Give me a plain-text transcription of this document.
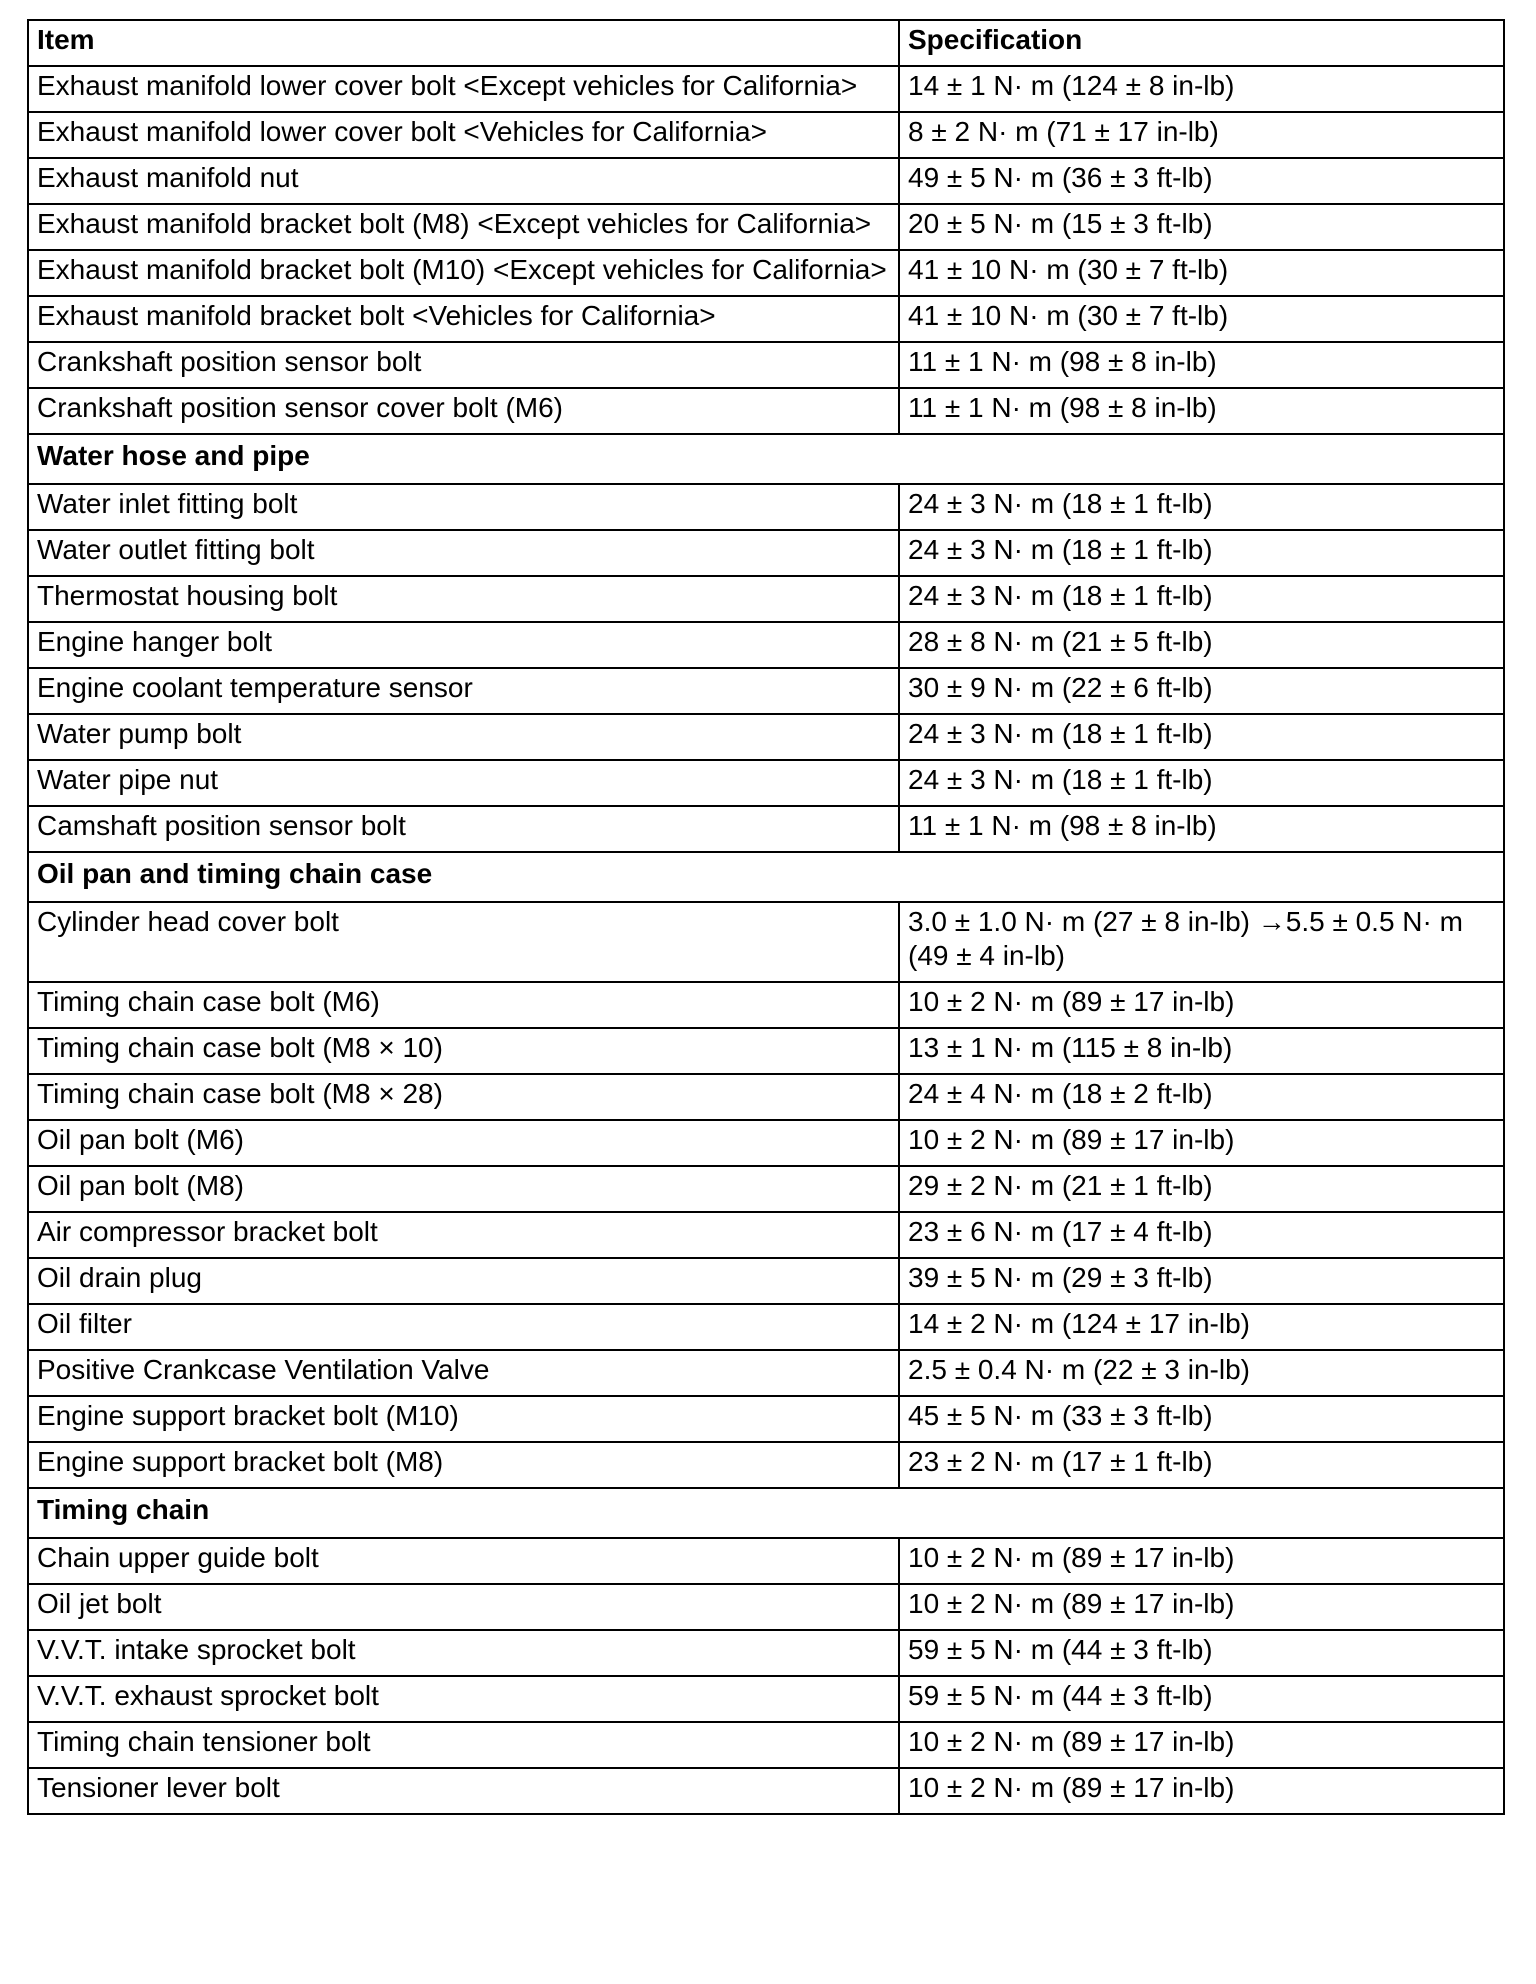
Item	Specification
Exhaust manifold lower cover bolt <Except vehicles for California>	14 ± 1 N· m (124 ± 8 in-lb)
Exhaust manifold lower cover bolt <Vehicles for California>	8 ± 2 N· m (71 ± 17 in-lb)
Exhaust manifold nut	49 ± 5 N· m (36 ± 3 ft-lb)
Exhaust manifold bracket bolt (M8) <Except vehicles for California>	20 ± 5 N· m (15 ± 3 ft-lb)
Exhaust manifold bracket bolt (M10) <Except vehicles for California>	41 ± 10 N· m (30 ± 7 ft-lb)
Exhaust manifold bracket bolt <Vehicles for California>	41 ± 10 N· m (30 ± 7 ft-lb)
Crankshaft position sensor bolt	11 ± 1 N· m (98 ± 8 in-lb)
Crankshaft position sensor cover bolt (M6)	11 ± 1 N· m (98 ± 8 in-lb)
Water hose and pipe	
Water inlet fitting bolt	24 ± 3 N· m (18 ± 1 ft-lb)
Water outlet fitting bolt	24 ± 3 N· m (18 ± 1 ft-lb)
Thermostat housing bolt	24 ± 3 N· m (18 ± 1 ft-lb)
Engine hanger bolt	28 ± 8 N· m (21 ± 5 ft-lb)
Engine coolant temperature sensor	30 ± 9 N· m (22 ± 6 ft-lb)
Water pump bolt	24 ± 3 N· m (18 ± 1 ft-lb)
Water pipe nut	24 ± 3 N· m (18 ± 1 ft-lb)
Camshaft position sensor bolt	11 ± 1 N· m (98 ± 8 in-lb)
Oil pan and timing chain case	
Cylinder head cover bolt	3.0 ± 1.0 N· m (27 ± 8 in-lb) →5.5 ± 0.5 N· m (49 ± 4 in-lb)
Timing chain case bolt (M6)	10 ± 2 N· m (89 ± 17 in-lb)
Timing chain case bolt (M8 × 10)	13 ± 1 N· m (115 ± 8 in-lb)
Timing chain case bolt (M8 × 28)	24 ± 4 N· m (18 ± 2 ft-lb)
Oil pan bolt (M6)	10 ± 2 N· m (89 ± 17 in-lb)
Oil pan bolt (M8)	29 ± 2 N· m (21 ± 1 ft-lb)
Air compressor bracket bolt	23 ± 6 N· m (17 ± 4 ft-lb)
Oil drain plug	39 ± 5 N· m (29 ± 3 ft-lb)
Oil filter	14 ± 2 N· m (124 ± 17 in-lb)
Positive Crankcase Ventilation Valve	2.5 ± 0.4 N· m (22 ± 3 in-lb)
Engine support bracket bolt (M10)	45 ± 5 N· m (33 ± 3 ft-lb)
Engine support bracket bolt (M8)	23 ± 2 N· m (17 ± 1 ft-lb)
Timing chain	
Chain upper guide bolt	10 ± 2 N· m (89 ± 17 in-lb)
Oil jet bolt	10 ± 2 N· m (89 ± 17 in-lb)
V.V.T. intake sprocket bolt	59 ± 5 N· m (44 ± 3 ft-lb)
V.V.T. exhaust sprocket bolt	59 ± 5 N· m (44 ± 3 ft-lb)
Timing chain tensioner bolt	10 ± 2 N· m (89 ± 17 in-lb)
Tensioner lever bolt	10 ± 2 N· m (89 ± 17 in-lb)
